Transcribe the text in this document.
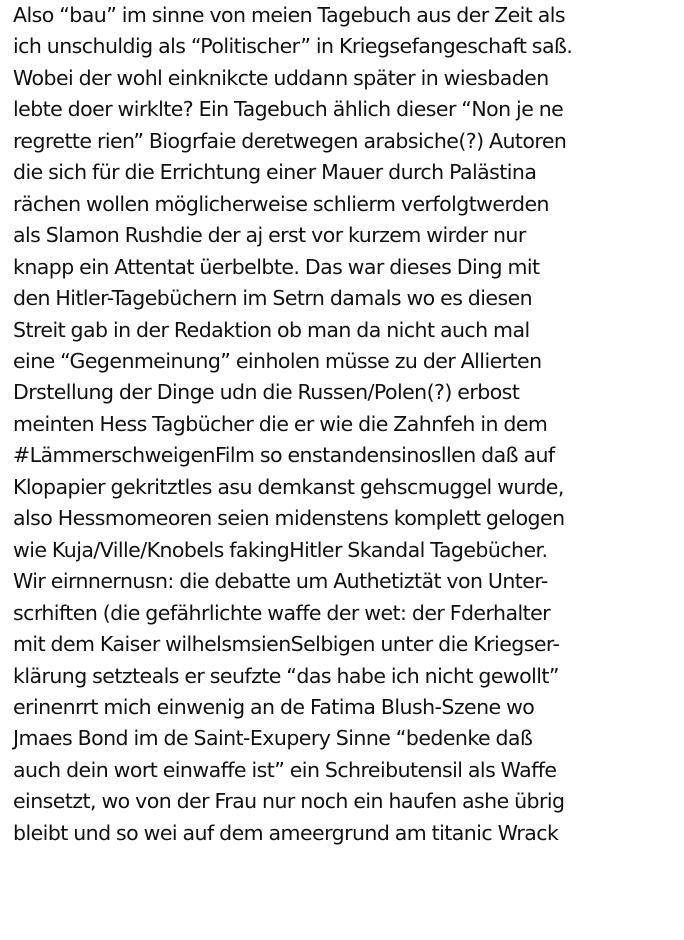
Also “bau” im sinne von meien Tagebuch aus der Zeit als
ich unschuldig als “Politischer” in Kriegsefangeschaft saß.
Wobei der wohl einknikcte uddann später in wiesbaden
lebte doer wirklte? Ein Tagebuch ählich dieser “Non je ne
regrette rien” Biogrfaie deretwegen arabsiche(?) Autoren
die sich für die Errichtung einer Mauer durch Palästina
rächen wollen möglicherweise schlierm verfolgtwerden
als Slamon Rushdie der aj erst vor kurzem wirder nur
knapp ein Attentat üerbelbte. Das war dieses Ding mit
den Hitler-Tagebüchern im Setrn damals wo es diesen
Streit gab in der Redaktion ob man da nicht auch mal
eine “Gegenmeinung” einholen müsse zu der Allierten
Drstellung der Dinge udn die Russen/Polen(?) erbost
meinten Hess Tagbücher die er wie die Zahnfeh in dem
#LämmerschweigenFilm so enstandensinosllen daß auf
Klopapier gekritztles asu demkanst gehscmuggel wurde,
also Hessmomeoren seien midenstens komplett gelogen
wie Kuja/Ville/Knobels fakingHitler Skandal Tagebücher.
Wir eirnnernusn: die debatte um Authetiztät von Unter-
scrhiften (die gefährlichte waffe der wet: der Fderhalter
mit dem Kaiser wilhelsmsienSelbigen unter die Kriegser-
klärung setzteals er seufzte “das habe ich nicht gewollt”
erinenrrt mich einwenig an de Fatima Blush-Szene wo
Jmaes Bond im de Saint-Exupery Sinne “bedenke daß
auch dein wort einwaffe ist” ein Schreibutensil als Waffe
einsetzt, wo von der Frau nur noch ein haufen ashe übrig
bleibt und so wei auf dem ameergrund am titanic Wrack
